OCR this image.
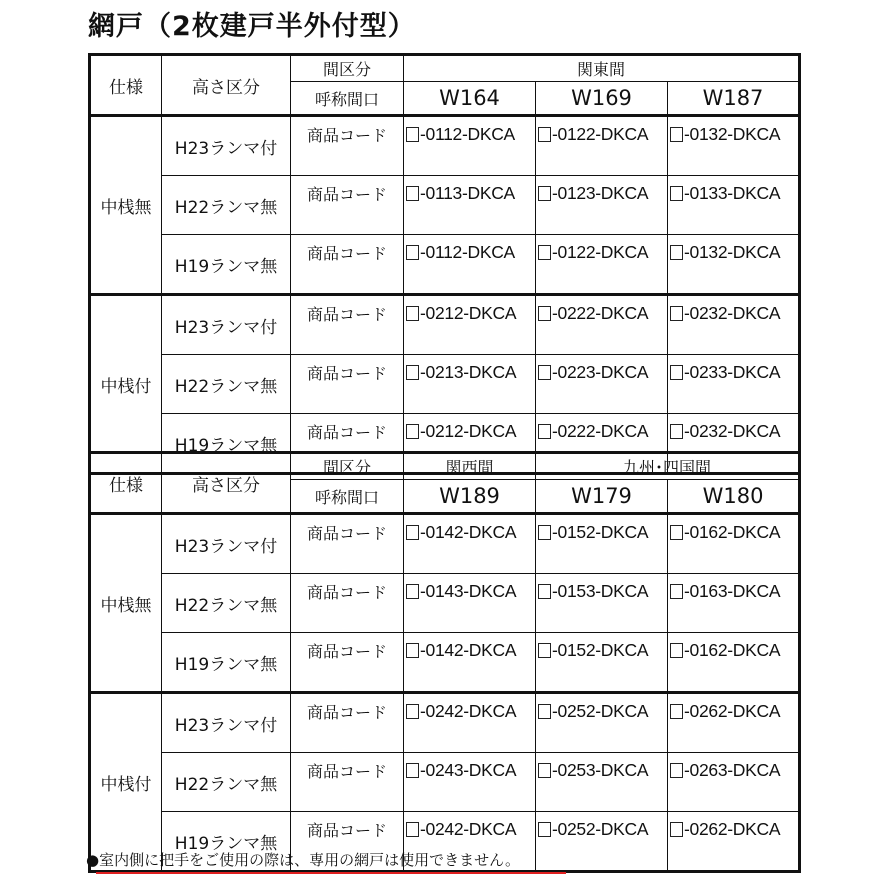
網戸（2枚建戸半外付型）
仕様	高さ区分	間区分	関東間		
		呼称間口	W164	W169	W187
中桟無	H23ランマ付	商品コード	-0112-DKCA	-0122-DKCA	-0132-DKCA
	H22ランマ無	商品コード	-0113-DKCA	-0123-DKCA	-0133-DKCA
	H19ランマ無	商品コード	-0112-DKCA	-0122-DKCA	-0132-DKCA
中桟付	H23ランマ付	商品コード	-0212-DKCA	-0222-DKCA	-0232-DKCA
	H22ランマ無	商品コード	-0213-DKCA	-0223-DKCA	-0233-DKCA
	H19ランマ無	商品コード	-0212-DKCA	-0222-DKCA	-0232-DKCA
仕様	高さ区分	間区分	関西間	九州･四国間	
		呼称間口	W189	W179	W180
中桟無	H23ランマ付	商品コード	-0142-DKCA	-0152-DKCA	-0162-DKCA
	H22ランマ無	商品コード	-0143-DKCA	-0153-DKCA	-0163-DKCA
	H19ランマ無	商品コード	-0142-DKCA	-0152-DKCA	-0162-DKCA
中桟付	H23ランマ付	商品コード	-0242-DKCA	-0252-DKCA	-0262-DKCA
	H22ランマ無	商品コード	-0243-DKCA	-0253-DKCA	-0263-DKCA
	H19ランマ無	商品コード	-0242-DKCA	-0252-DKCA	-0262-DKCA
●室内側に把手をご使用の際は、専用の網戸は使用できません。
